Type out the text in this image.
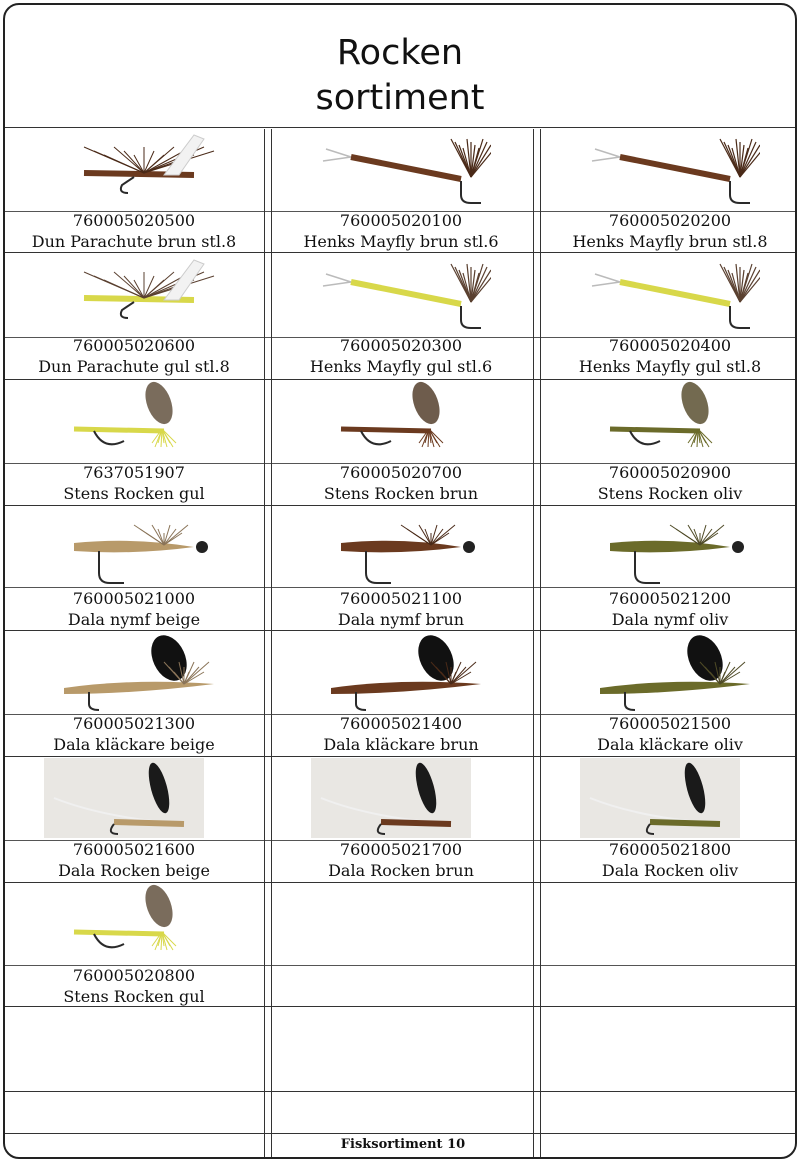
Rocken
sortiment
760005020500
Dun Parachute brun stl.8
760005020100
Henks Mayfly brun stl.6
760005020200
Henks Mayfly brun stl.8
760005020600
Dun Parachute gul stl.8
760005020300
Henks Mayfly gul stl.6
760005020400
Henks Mayfly gul stl.8
7637051907
Stens Rocken gul
760005020700
Stens Rocken brun
760005020900
Stens Rocken oliv
760005021000
Dala nymf beige
760005021100
Dala nymf brun
760005021200
Dala nymf oliv
760005021300
Dala kläckare beige
760005021400
Dala kläckare brun
760005021500
Dala kläckare oliv
760005021600
Dala Rocken beige
760005021700
Dala Rocken brun
760005021800
Dala Rocken oliv
760005020800
Stens Rocken gul
Fisksortiment 10
